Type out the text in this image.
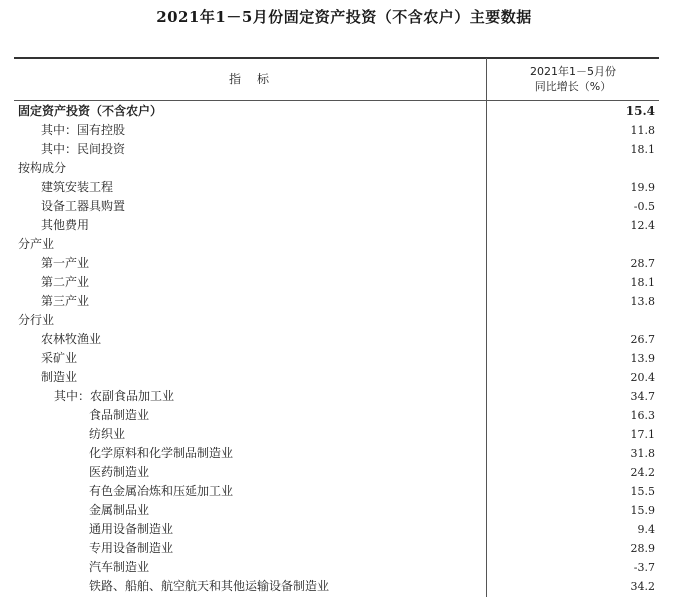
2021年1－5月份固定资产投资（不含农户）主要数据
指　标
2021年1－5月份
同比增长（%）
固定资产投资（不含农户）	15.4
其中：国有控股	11.8
其中：民间投资	18.1
按构成分
建筑安装工程	19.9
设备工器具购置	-0.5
其他费用	12.4
分产业
第一产业	28.7
第二产业	18.1
第三产业	13.8
分行业
农林牧渔业	26.7
采矿业	13.9
制造业	20.4
其中：农副食品加工业	34.7
食品制造业	16.3
纺织业	17.1
化学原料和化学制品制造业	31.8
医药制造业	24.2
有色金属冶炼和压延加工业	15.5
金属制品业	15.9
通用设备制造业	9.4
专用设备制造业	28.9
汽车制造业	-3.7
铁路、船舶、航空航天和其他运输设备制造业	34.2
